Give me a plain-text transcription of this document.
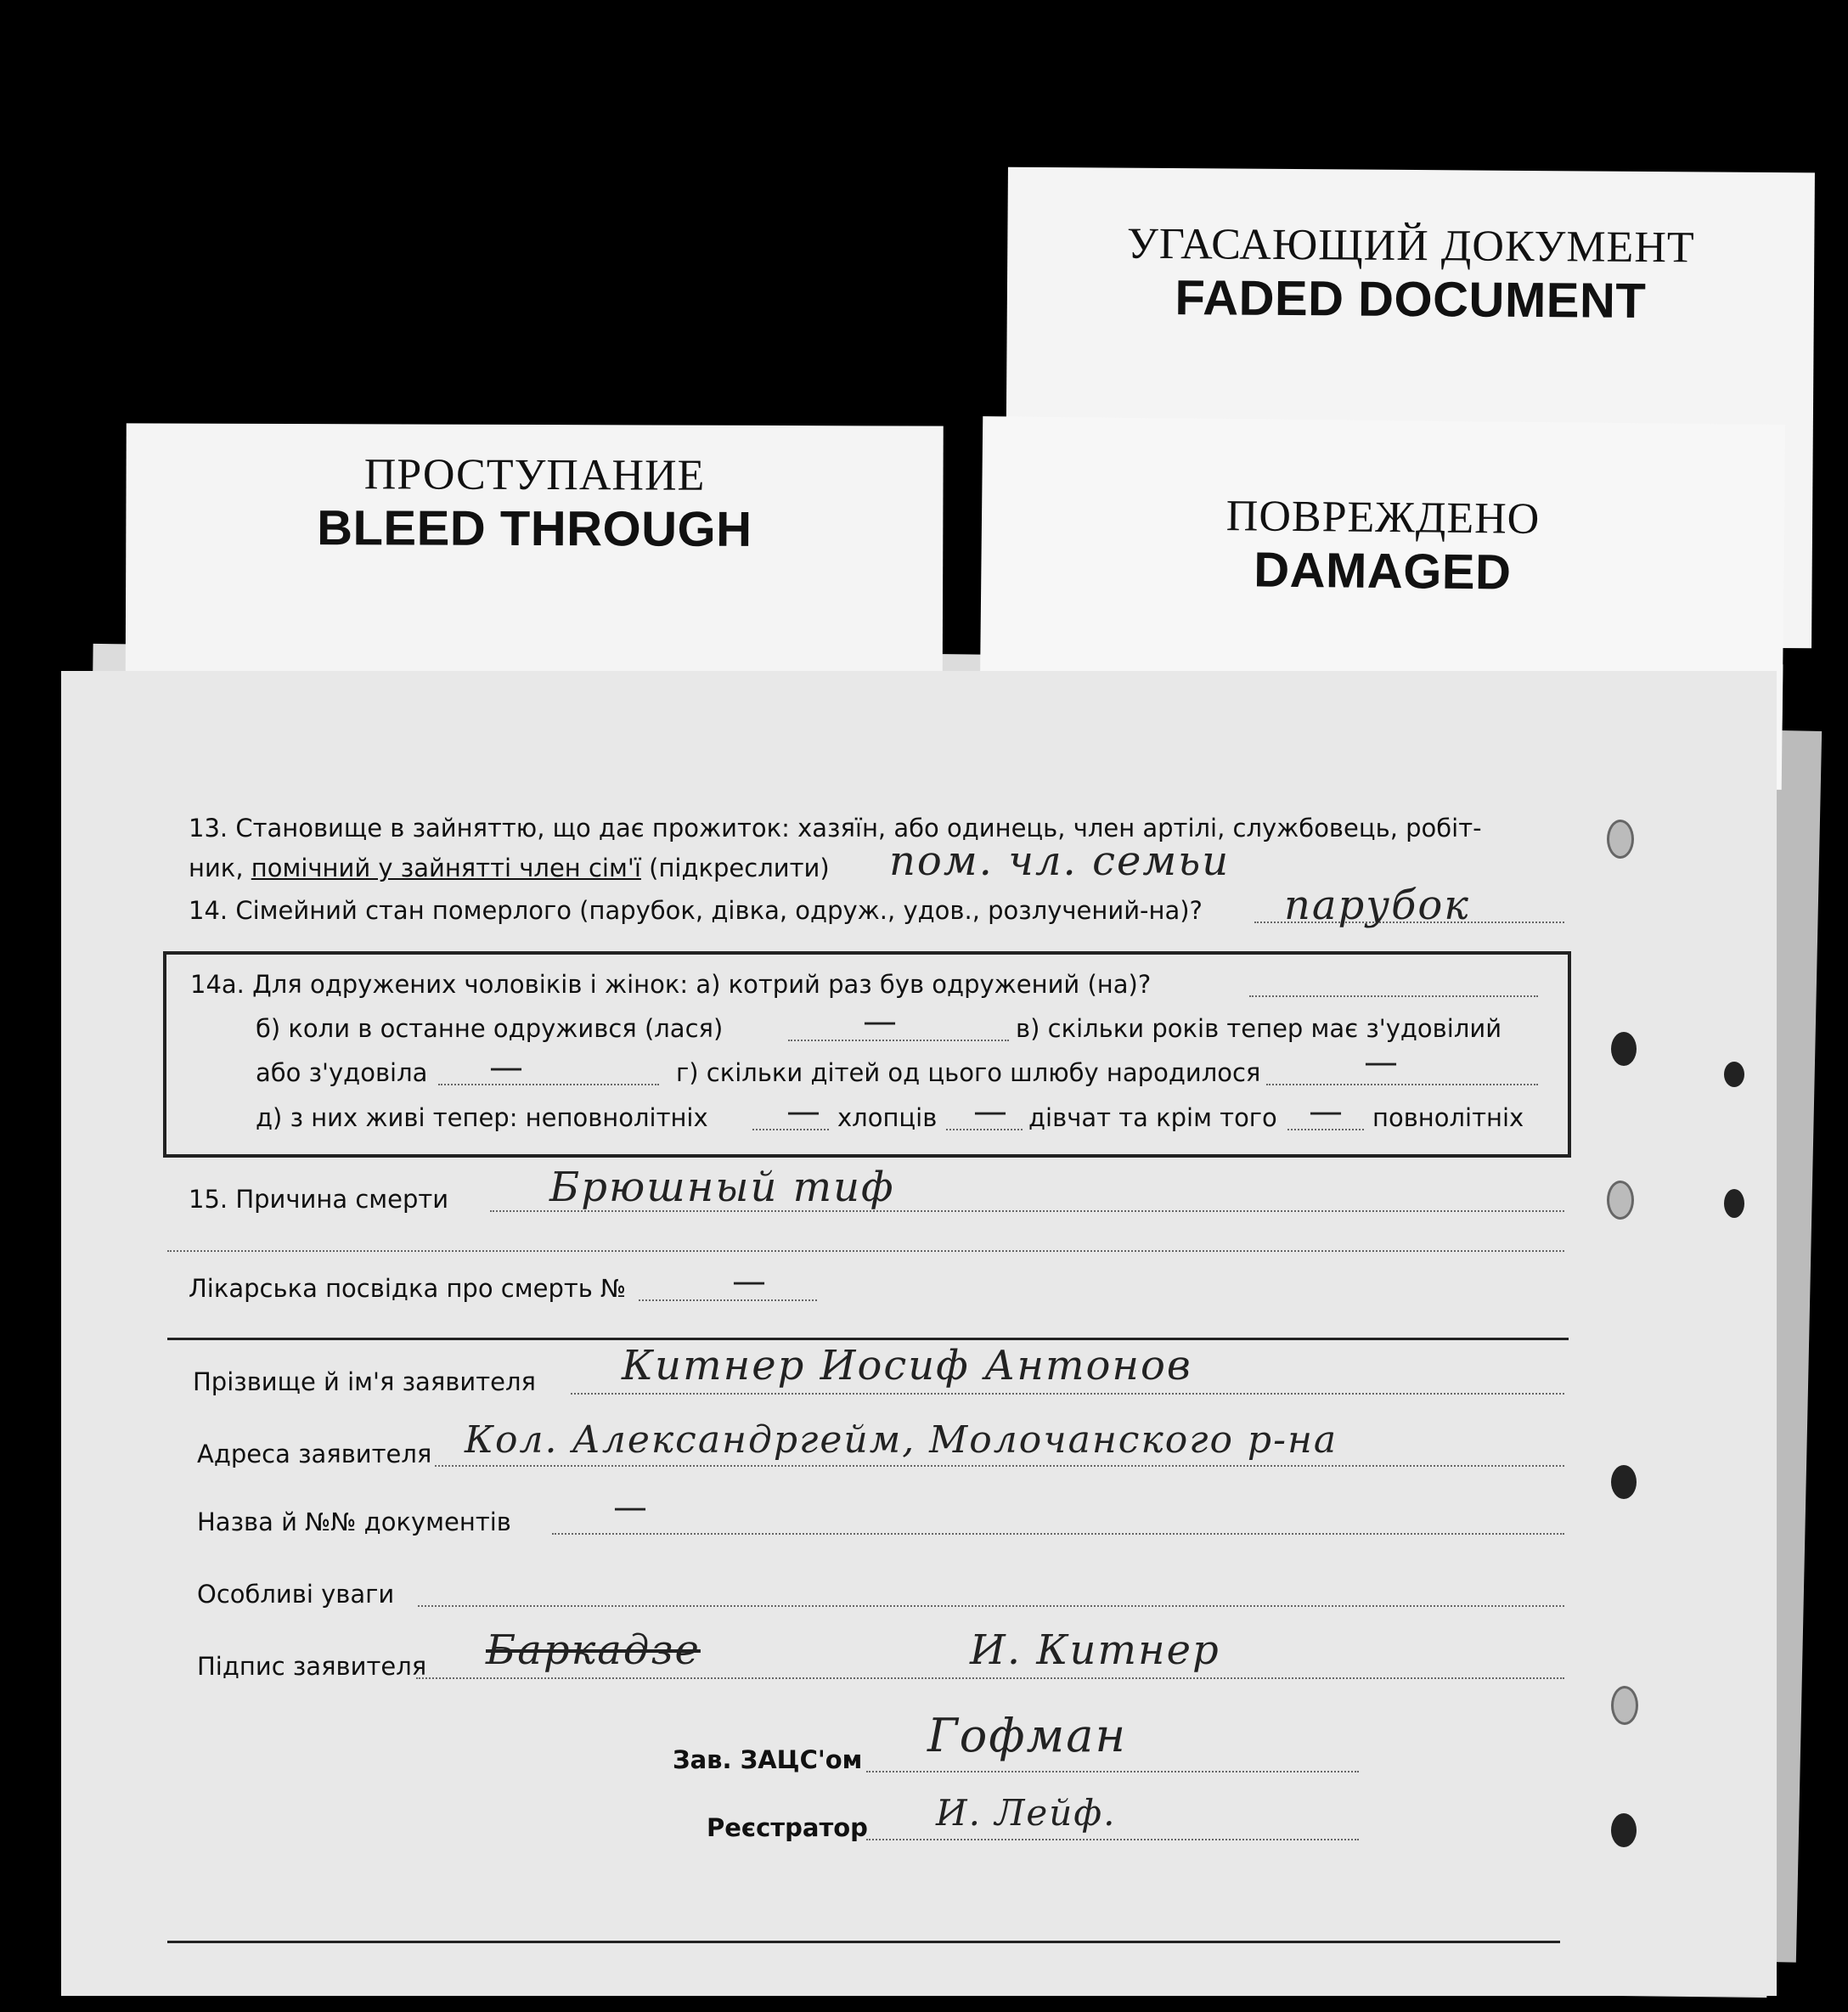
УГАСАЮЩИЙ ДОКУМЕНТ
FADED DOCUMENT
ПОВРЕЖДЕНО
DAMAGED
ПРОСТУПАНИЕ
BLEED THROUGH
13. Становище в зайняттю, що дає прожиток: хазяїн, або одинець, член артілі, службовець, робіт-
ник, помічний у зайнятті член сім'ї (підкреслити) пом. чл. семьи
14. Сімейний стан померлого (парубок, дівка, одруж., удов., розлучений-на)? парубок
14а. Для одружених чоловіків і жінок: а) котрий раз був одружений (на)?
б) коли в останне одружився (лася)	—	в) скільки років тепер має з'удовілий
або з'удовіла —	г) скільки дітей од цього шлюбу народилося	—
д) з них живі тепер: неповнолітніх — хлопців — дівчат та крім того — повнолітніх
15. Причина смерти Брюшный тиф
Лікарська посвідка про смерть №	—
Прізвище й ім'я заявителя Китнер Иосиф Антонов
Адреса заявителя Кол. Александргейм, Молочанского р-на
Назва й №№ документів	—
Особливі уваги
Підпис заявителя Баркадзе	И. Китнер
Зав. ЗАЦС'ом Гофман
Реєстратор И. Лейф.
